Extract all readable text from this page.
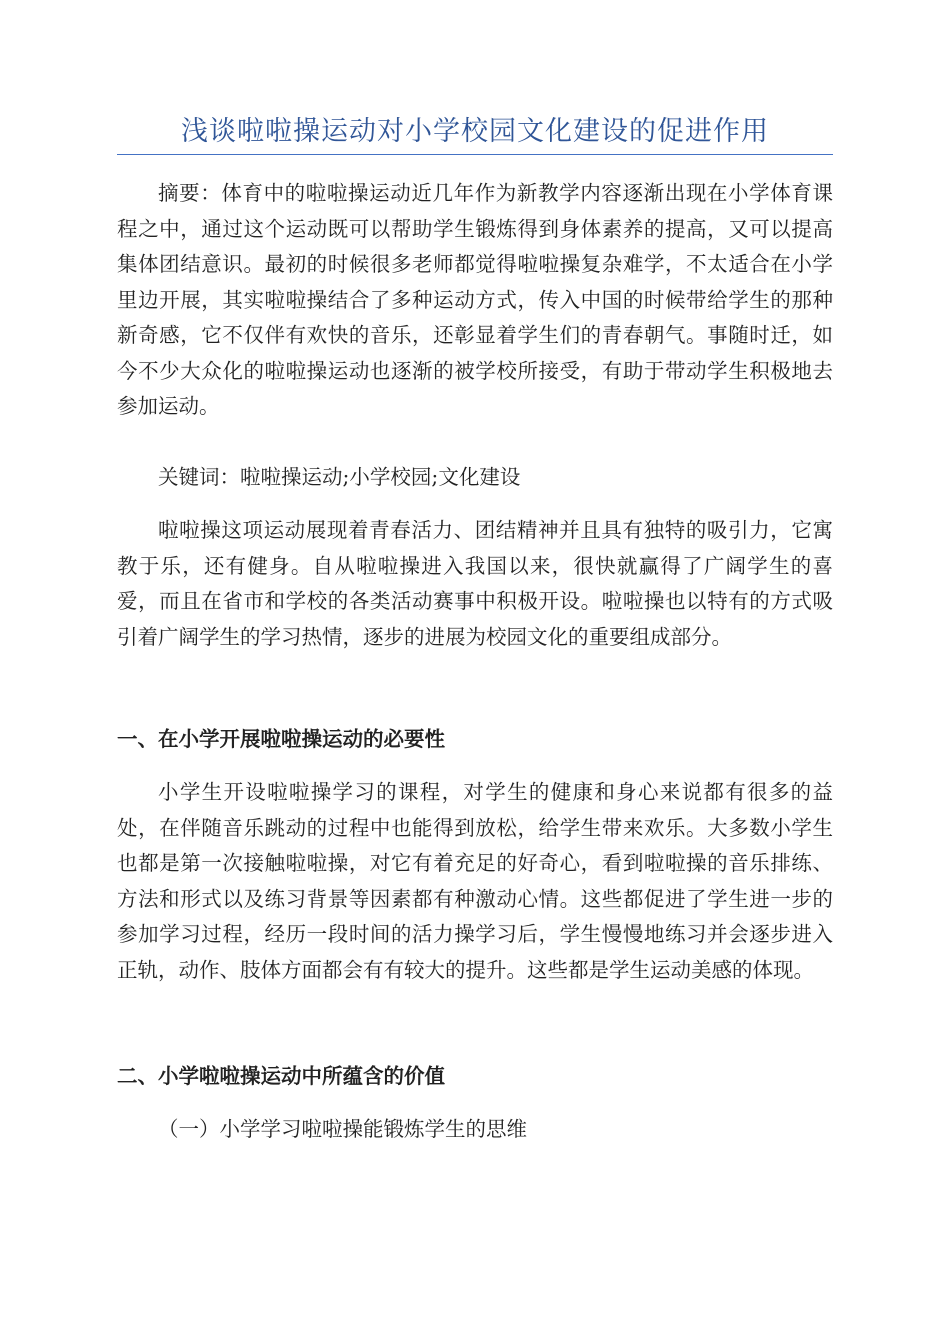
浅谈啦啦操运动对小学校园文化建设的促进作用

摘要：体育中的啦啦操运动近几年作为新教学内容逐渐出现在小学体育课程之中，通过这个运动既可以帮助学生锻炼得到身体素养的提高，又可以提高集体团结意识。最初的时候很多老师都觉得啦啦操复杂难学，不太适合在小学里边开展，其实啦啦操结合了多种运动方式，传入中国的时候带给学生的那种新奇感，它不仅伴有欢快的音乐，还彰显着学生们的青春朝气。事随时迁，如今不少大众化的啦啦操运动也逐渐的被学校所接受，有助于带动学生积极地去参加运动。

关键词：啦啦操运动;小学校园;文化建设

啦啦操这项运动展现着青春活力、团结精神并且具有独特的吸引力，它寓教于乐，还有健身。自从啦啦操进入我国以来，很快就赢得了广阔学生的喜爱，而且在省市和学校的各类活动赛事中积极开设。啦啦操也以特有的方式吸引着广阔学生的学习热情，逐步的进展为校园文化的重要组成部分。

一、在小学开展啦啦操运动的必要性

小学生开设啦啦操学习的课程，对学生的健康和身心来说都有很多的益处，在伴随音乐跳动的过程中也能得到放松，给学生带来欢乐。大多数小学生也都是第一次接触啦啦操，对它有着充足的好奇心，看到啦啦操的音乐排练、方法和形式以及练习背景等因素都有种激动心情。这些都促进了学生进一步的参加学习过程，经历一段时间的活力操学习后，学生慢慢地练习并会逐步进入正轨，动作、肢体方面都会有有较大的提升。这些都是学生运动美感的体现。

二、小学啦啦操运动中所蕴含的价值

（一）小学学习啦啦操能锻炼学生的思维
